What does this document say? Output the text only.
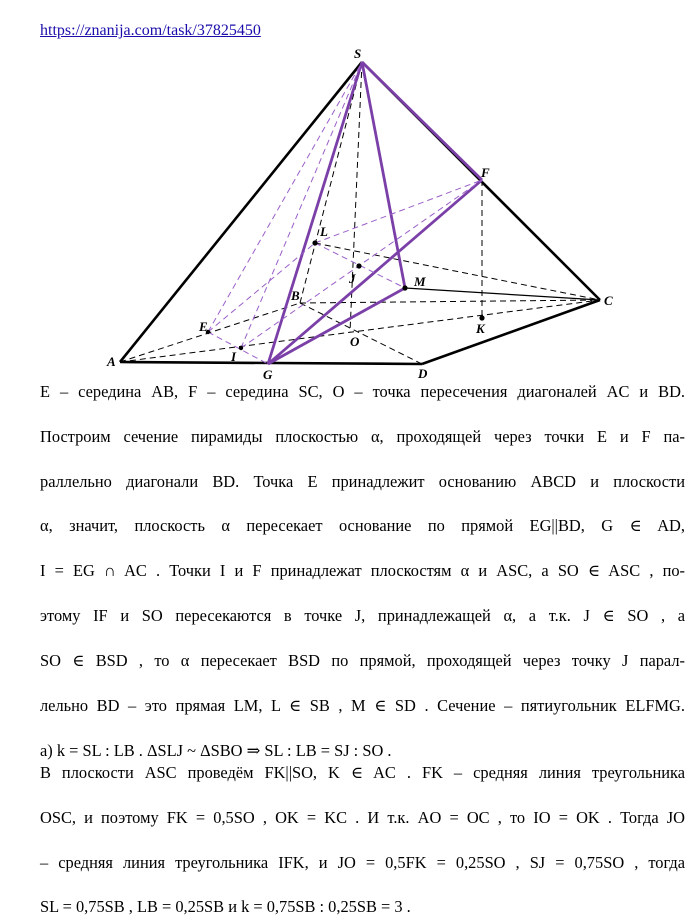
https://znanija.com/task/37825450
S
F
L
J	M
B	C
E	K
O
I
A
G	D

E – середина AB, F – середина SC, O – точка пересечения диагоналей AC и BD.

Построим сечение пирамиды плоскостью α, проходящей через точки E и F па-

раллельно диагонали BD. Точка E принадлежит основанию ABCD и плоскости

α, значит, плоскость α пересекает основание по прямой EG||BD, G ∈ AD,

I = EG ∩ AC . Точки I и F принадлежат плоскостям α и ASC, а SO ∈ ASC , по-

этому IF и SO пересекаются в точке J, принадлежащей α, а т.к. J ∈ SO , а

SO ∈ BSD , то α пересекает BSD по прямой, проходящей через точку J парал-

лельно BD – это прямая LM, L ∈ SB , M ∈ SD . Сечение – пятиугольник ELFMG.

а) k = SL : LB . ΔSLJ ~ ΔSBO ⇒ SL : LB = SJ : SO .

В плоскости ASC проведём FK||SO, K ∈ AC . FK – средняя линия треугольника

OSC, и поэтому FK = 0,5SO , OK = KC . И т.к. AO = OC , то IO = OK . Тогда JO

– средняя линия треугольника IFK, и JO = 0,5FK = 0,25SO , SJ = 0,75SO , тогда

SL = 0,75SB , LB = 0,25SB и k = 0,75SB : 0,25SB = 3 .
